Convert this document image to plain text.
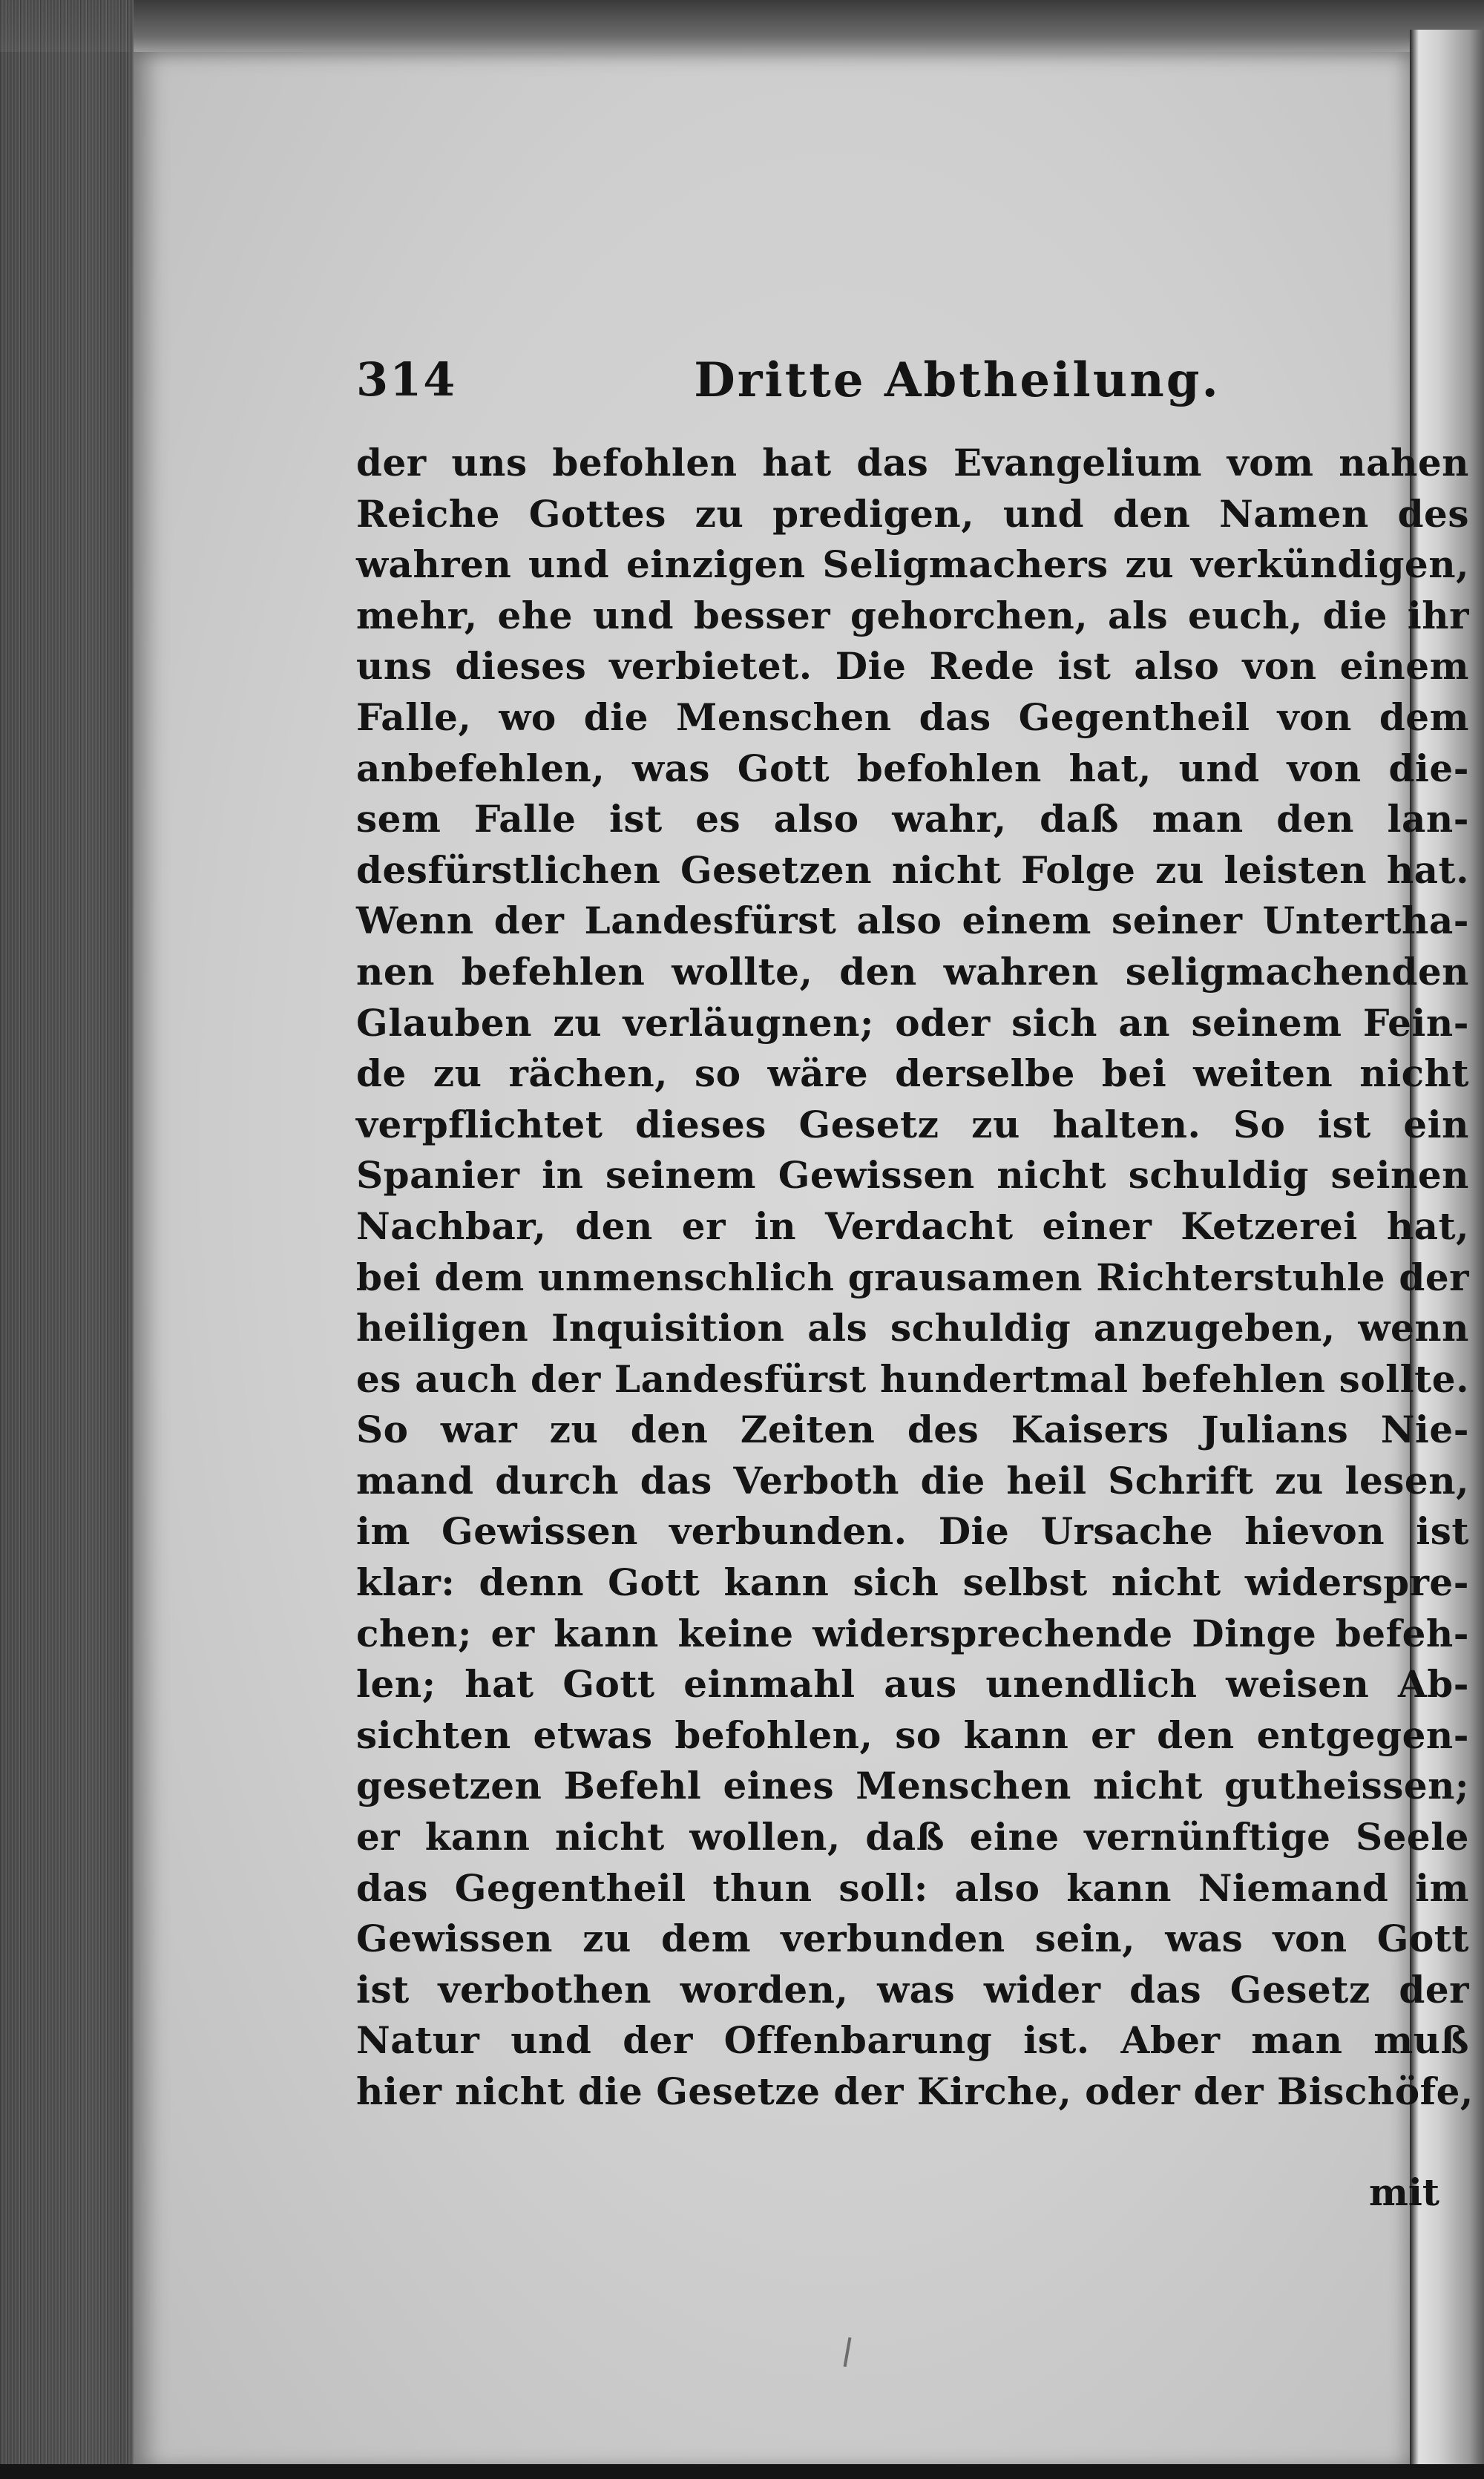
314	Dritte Abtheilung.
der uns befohlen hat das Evangelium vom nahen
Reiche Gottes zu predigen, und den Namen des
wahren und einzigen Seligmachers zu verkündigen,
mehr, ehe und besser gehorchen, als euch, die ihr
uns dieses verbietet. Die Rede ist also von einem
Falle, wo die Menschen das Gegentheil von dem
anbefehlen, was Gott befohlen hat, und von die-
sem Falle ist es also wahr, daß man den lan-
desfürstlichen Gesetzen nicht Folge zu leisten hat.
Wenn der Landesfürst also einem seiner Untertha-
nen befehlen wollte, den wahren seligmachenden
Glauben zu verläugnen; oder sich an seinem Fein-
de zu rächen, so wäre derselbe bei weiten nicht
verpflichtet dieses Gesetz zu halten. So ist ein
Spanier in seinem Gewissen nicht schuldig seinen
Nachbar, den er in Verdacht einer Ketzerei hat,
bei dem unmenschlich grausamen Richterstuhle der
heiligen Inquisition als schuldig anzugeben, wenn
es auch der Landesfürst hundertmal befehlen sollte.
So war zu den Zeiten des Kaisers Julians Nie-
mand durch das Verboth die heil Schrift zu lesen,
im Gewissen verbunden. Die Ursache hievon ist
klar: denn Gott kann sich selbst nicht widerspre-
chen; er kann keine widersprechende Dinge befeh-
len; hat Gott einmahl aus unendlich weisen Ab-
sichten etwas befohlen, so kann er den entgegen-
gesetzen Befehl eines Menschen nicht gutheissen;
er kann nicht wollen, daß eine vernünftige Seele
das Gegentheil thun soll: also kann Niemand im
Gewissen zu dem verbunden sein, was von Gott
ist verbothen worden, was wider das Gesetz der
Natur und der Offenbarung ist. Aber man muß
hier nicht die Gesetze der Kirche, oder der Bischöfe,
mit
